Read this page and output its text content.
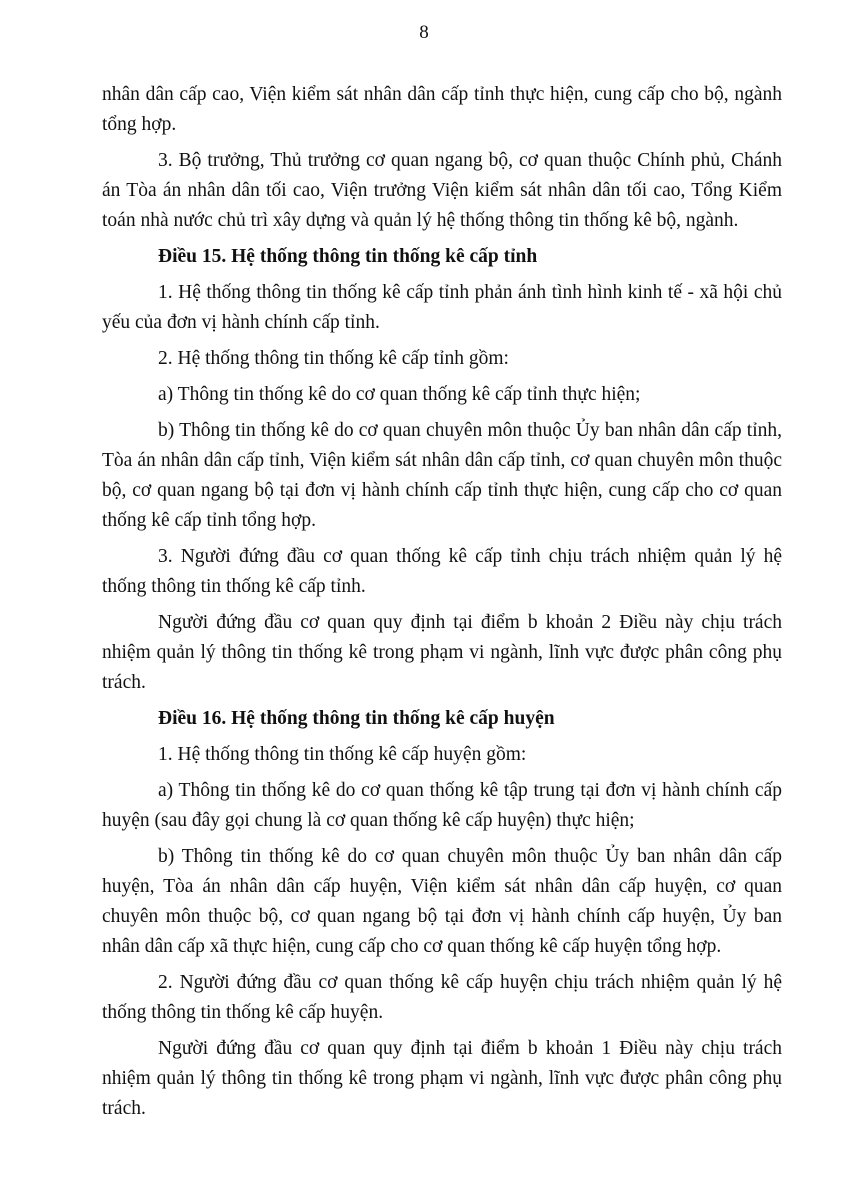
8

nhân dân cấp cao, Viện kiểm sát nhân dân cấp tỉnh thực hiện, cung cấp cho bộ, ngành tổng hợp.

3. Bộ trưởng, Thủ trưởng cơ quan ngang bộ, cơ quan thuộc Chính phủ, Chánh án Tòa án nhân dân tối cao, Viện trưởng Viện kiểm sát nhân dân tối cao, Tổng Kiểm toán nhà nước chủ trì xây dựng và quản lý hệ thống thông tin thống kê bộ, ngành.

Điều 15. Hệ thống thông tin thống kê cấp tỉnh

1. Hệ thống thông tin thống kê cấp tỉnh phản ánh tình hình kinh tế - xã hội chủ yếu của đơn vị hành chính cấp tỉnh.

2. Hệ thống thông tin thống kê cấp tỉnh gồm:

a) Thông tin thống kê do cơ quan thống kê cấp tỉnh thực hiện;

b) Thông tin thống kê do cơ quan chuyên môn thuộc Ủy ban nhân dân cấp tỉnh, Tòa án nhân dân cấp tỉnh, Viện kiểm sát nhân dân cấp tỉnh, cơ quan chuyên môn thuộc bộ, cơ quan ngang bộ tại đơn vị hành chính cấp tỉnh thực hiện, cung cấp cho cơ quan thống kê cấp tỉnh tổng hợp.

3. Người đứng đầu cơ quan thống kê cấp tỉnh chịu trách nhiệm quản lý hệ thống thông tin thống kê cấp tỉnh.

Người đứng đầu cơ quan quy định tại điểm b khoản 2 Điều này chịu trách nhiệm quản lý thông tin thống kê trong phạm vi ngành, lĩnh vực được phân công phụ trách.

Điều 16. Hệ thống thông tin thống kê cấp huyện

1. Hệ thống thông tin thống kê cấp huyện gồm:

a) Thông tin thống kê do cơ quan thống kê tập trung tại đơn vị hành chính cấp huyện (sau đây gọi chung là cơ quan thống kê cấp huyện) thực hiện;

b) Thông tin thống kê do cơ quan chuyên môn thuộc Ủy ban nhân dân cấp huyện, Tòa án nhân dân cấp huyện, Viện kiểm sát nhân dân cấp huyện, cơ quan chuyên môn thuộc bộ, cơ quan ngang bộ tại đơn vị hành chính cấp huyện, Ủy ban nhân dân cấp xã thực hiện, cung cấp cho cơ quan thống kê cấp huyện tổng hợp.

2. Người đứng đầu cơ quan thống kê cấp huyện chịu trách nhiệm quản lý hệ thống thông tin thống kê cấp huyện.

Người đứng đầu cơ quan quy định tại điểm b khoản 1 Điều này chịu trách nhiệm quản lý thông tin thống kê trong phạm vi ngành, lĩnh vực được phân công phụ trách.
